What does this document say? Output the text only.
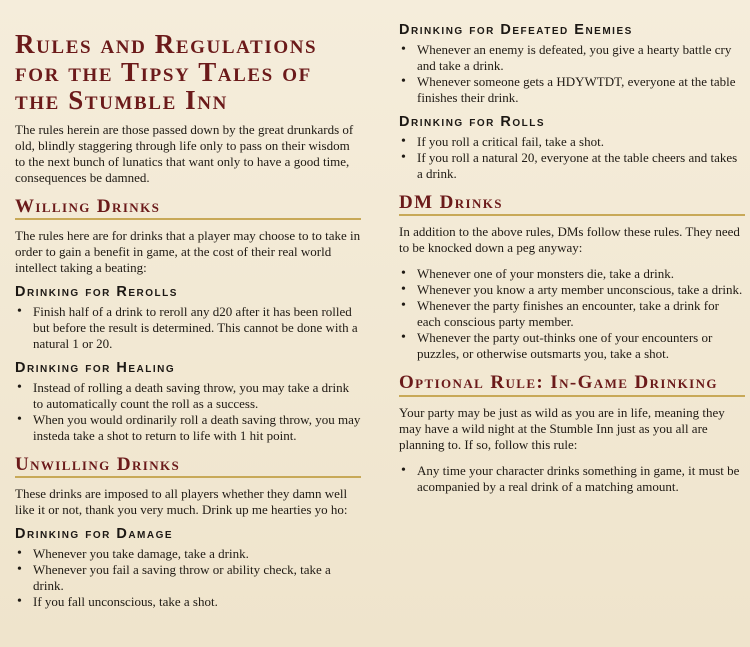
Rules and Regulations for the Tipsy Tales of the Stumble Inn

The rules herein are those passed down by the great drunkards of old, blindly staggering through life only to pass on their wisdom to the next bunch of lunatics that want only to have a good time, consequences be damned.

Willing Drinks

The rules here are for drinks that a player may choose to to take in order to gain a benefit in game, at the cost of their real world intellect taking a beating:

Drinking for Rerolls
• Finish half of a drink to reroll any d20 after it has been rolled but before the result is determined. This cannot be done with a natural 1 or 20.
Drinking for Healing
• Instead of rolling a death saving throw, you may take a drink to automatically count the roll as a success.
• When you would ordinarily roll a death saving throw, you may insteda take a shot to return to life with 1 hit point.
Unwilling Drinks

These drinks are imposed to all players whether they damn well like it or not, thank you very much. Drink up me hearties yo ho:

Drinking for Damage
• Whenever you take damage, take a drink.
• Whenever you fail a saving throw or ability check, take a drink.
• If you fall unconscious, take a shot.
Drinking for Defeated Enemies
• Whenever an enemy is defeated, you give a hearty battle cry and take a drink.
• Whenever someone gets a HDYWTDT, everyone at the table finishes their drink.
Drinking for Rolls
• If you roll a critical fail, take a shot.
• If you roll a natural 20, everyone at the table cheers and takes a drink.
DM Drinks

In addition to the above rules, DMs follow these rules. They need to be knocked down a peg anyway:

• Whenever one of your monsters die, take a drink.
• Whenever you know a arty member unconscious, take a drink.
• Whenever the party finishes an encounter, take a drink for each conscious party member.
• Whenever the party out-thinks one of your encounters or puzzles, or otherwise outsmarts you, take a shot.
Optional Rule: In-Game Drinking

Your party may be just as wild as you are in life, meaning they may have a wild night at the Stumble Inn just as you all are planning to. If so, follow this rule:

• Any time your character drinks something in game, it must be acompanied by a real drink of a matching amount.
